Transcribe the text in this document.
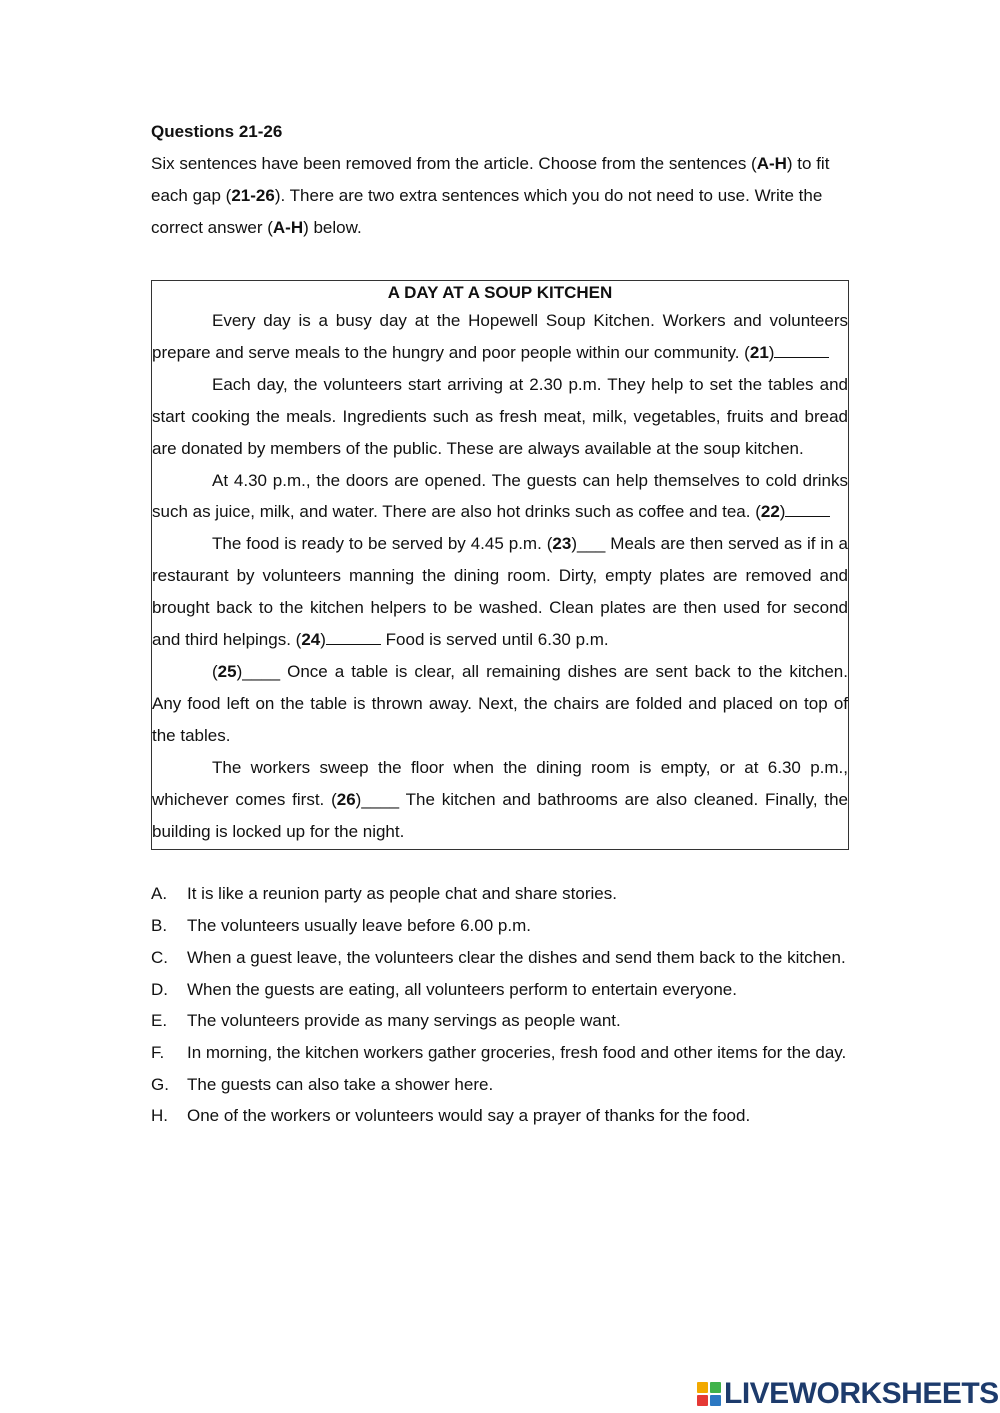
Questions 21-26

Six sentences have been removed from the article. Choose from the sentences (A-H) to fit each gap (21-26). There are two extra sentences which you do not need to use. Write the correct answer (A-H) below.

A DAY AT A SOUP KITCHEN

Every day is a busy day at the Hopewell Soup Kitchen. Workers and volunteers prepare and serve meals to the hungry and poor people within our community. (21)

Each day, the volunteers start arriving at 2.30 p.m. They help to set the tables and start cooking the meals. Ingredients such as fresh meat, milk, vegetables, fruits and bread are donated by members of the public. These are always available at the soup kitchen.

At 4.30 p.m., the doors are opened. The guests can help themselves to cold drinks such as juice, milk, and water. There are also hot drinks such as coffee and tea. (22)

The food is ready to be served by 4.45 p.m. (23)___ Meals are then served as if in a restaurant by volunteers manning the dining room. Dirty, empty plates are removed and brought back to the kitchen helpers to be washed. Clean plates are then used for second and third helpings. (24)	Food is served until 6.30 p.m.

(25)____ Once a table is clear, all remaining dishes are sent back to the kitchen. Any food left on the table is thrown away. Next, the chairs are folded and placed on top of the tables.

The workers sweep the floor when the dining room is empty, or at 6.30 p.m., whichever comes first. (26)____ The kitchen and bathrooms are also cleaned. Finally, the building is locked up for the night.

A.	It is like a reunion party as people chat and share stories.
B.	The volunteers usually leave before 6.00 p.m.
C.	When a guest leave, the volunteers clear the dishes and send them back to the kitchen.
D.	When the guests are eating, all volunteers perform to entertain everyone.
E.	The volunteers provide as many servings as people want.
F.	In morning, the kitchen workers gather groceries, fresh food and other items for the day.
G.	The guests can also take a shower here.
H.	One of the workers or volunteers would say a prayer of thanks for the food.
LIVEWORKSHEETS
